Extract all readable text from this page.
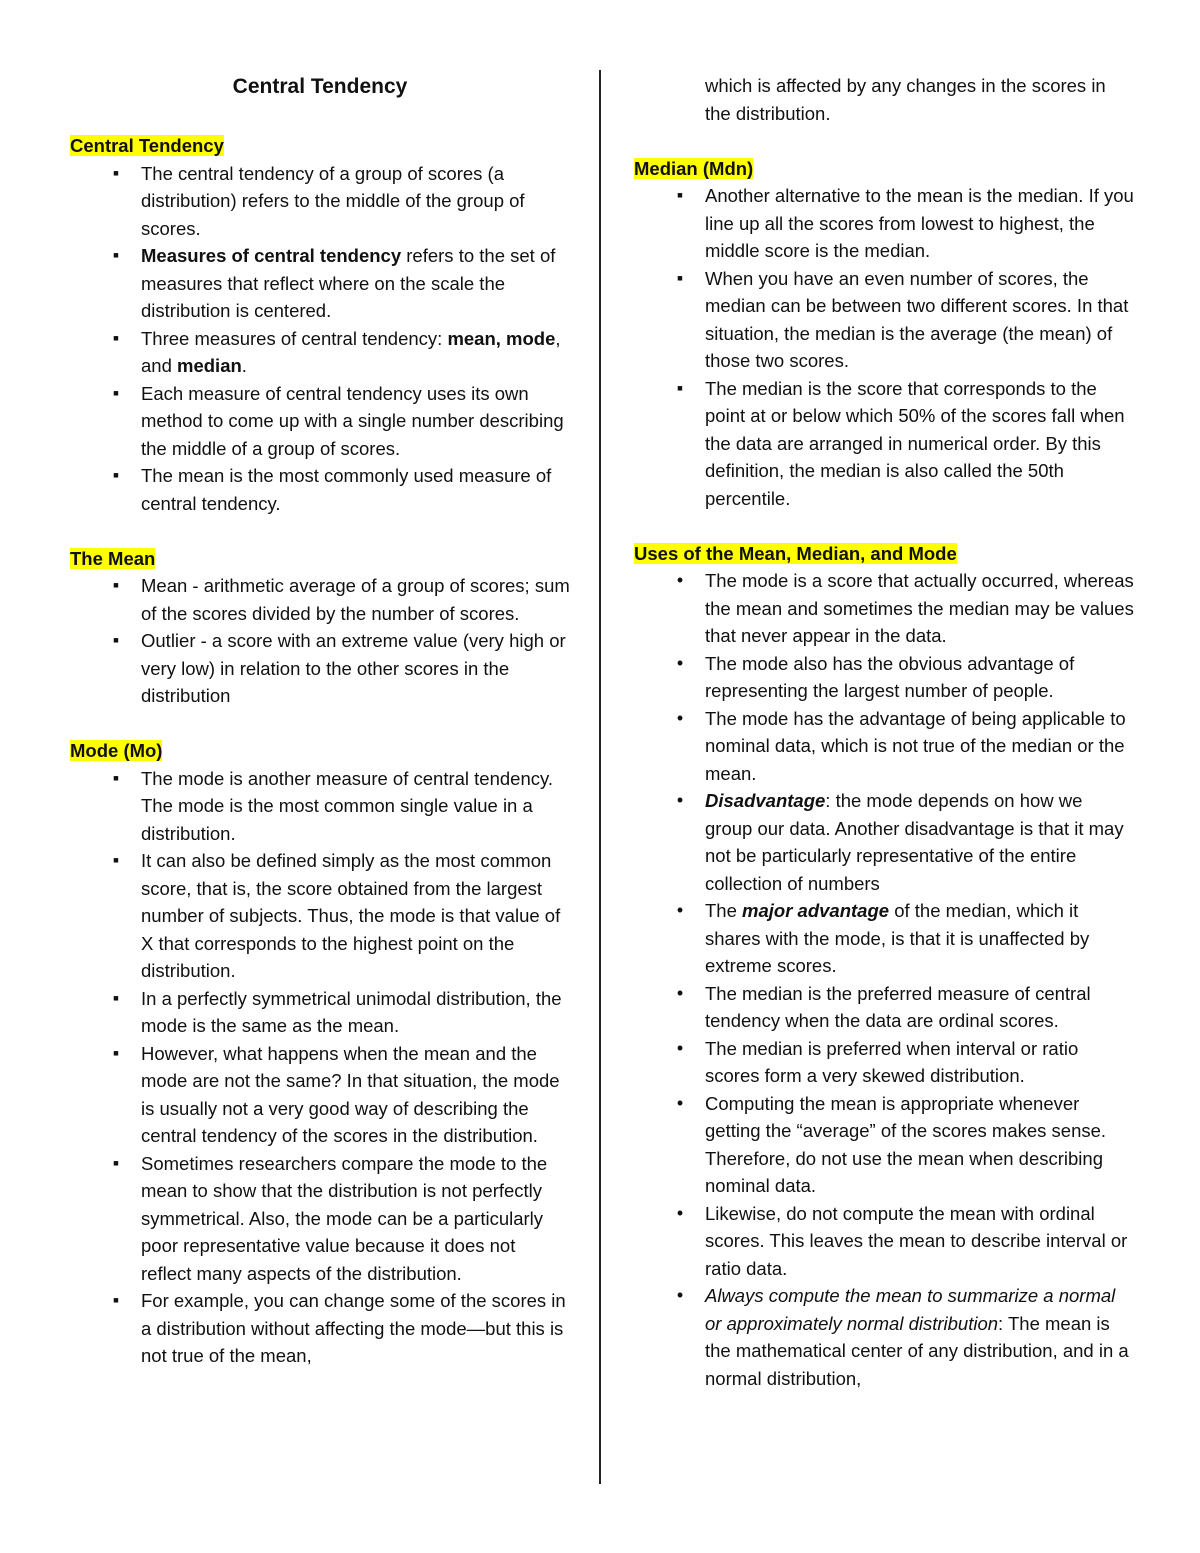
Central Tendency
Central Tendency
▪
The central tendency of a group of scores (a distribution) refers to the middle of the group of scores.
▪
Measures of central tendency refers to the set of measures that reflect where on the scale the distribution is centered.
▪
Three measures of central tendency: mean, mode, and median.
▪
Each measure of central tendency uses its own method to come up with a single number describing the middle of a group of scores.
▪
The mean is the most commonly used measure of central tendency.
The Mean
▪
Mean - arithmetic average of a group of scores; sum of the scores divided by the number of scores.
▪
Outlier - a score with an extreme value (very high or very low) in relation to the other scores in the distribution
Mode (Mo)
▪
The mode is another measure of central tendency. The mode is the most common single value in a distribution.
▪
It can also be defined simply as the most common score, that is, the score obtained from the largest number of subjects. Thus, the mode is that value of X that corresponds to the highest point on the distribution.
▪
In a perfectly symmetrical unimodal distribution, the mode is the same as the mean.
▪
However, what happens when the mean and the mode are not the same? In that situation, the mode is usually not a very good way of describing the central tendency of the scores in the distribution.
▪
Sometimes researchers compare the mode to the mean to show that the distribution is not perfectly symmetrical. Also, the mode can be a particularly poor representative value because it does not reflect many aspects of the distribution.
▪
For example, you can change some of the scores in a distribution without affecting the mode—but this is not true of the mean,
which is affected by any changes in the scores in the distribution.
Median (Mdn)
▪
Another alternative to the mean is the median. If you line up all the scores from lowest to highest, the middle score is the median.
▪
When you have an even number of scores, the median can be between two different scores. In that situation, the median is the average (the mean) of those two scores.
▪
The median is the score that corresponds to the point at or below which 50% of the scores fall when the data are arranged in numerical order. By this definition, the median is also called the 50th percentile.
Uses of the Mean, Median, and Mode
•
The mode is a score that actually occurred, whereas the mean and sometimes the median may be values that never appear in the data.
•
The mode also has the obvious advantage of representing the largest number of people.
•
The mode has the advantage of being applicable to nominal data, which is not true of the median or the mean.
•
Disadvantage: the mode depends on how we group our data. Another disadvantage is that it may not be particularly representative of the entire collection of numbers
•
The major advantage of the median, which it shares with the mode, is that it is unaffected by extreme scores.
•
The median is the preferred measure of central tendency when the data are ordinal scores.
•
The median is preferred when interval or ratio scores form a very skewed distribution.
•
Computing the mean is appropriate whenever getting the “average” of the scores makes sense. Therefore, do not use the mean when describing nominal data.
•
Likewise, do not compute the mean with ordinal scores. This leaves the mean to describe interval or ratio data.
•
Always compute the mean to summarize a normal or approximately normal distribution: The mean is the mathematical center of any distribution, and in a normal distribution,
